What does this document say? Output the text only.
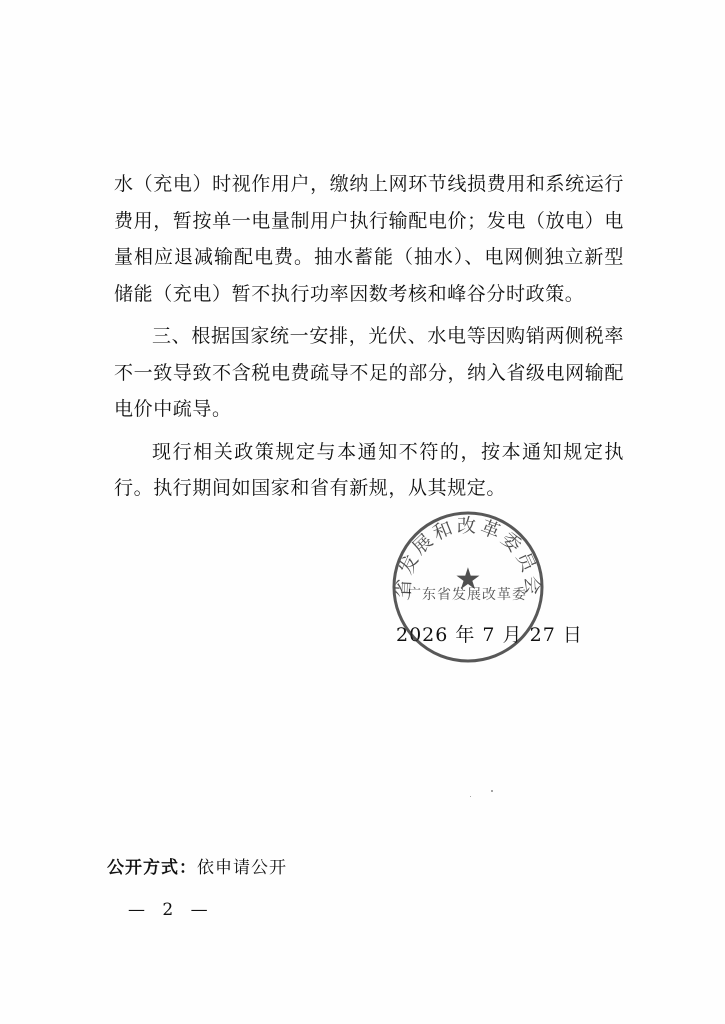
水（充电）时视作用户，缴纳上网环节线损费用和系统运行费用，暂按单一电量制用户执行输配电价；发电（放电）电量相应退减输配电费。抽水蓄能（抽水）、电网侧独立新型储能（充电）暂不执行功率因数考核和峰谷分时政策。

三、根据国家统一安排，光伏、水电等因购销两侧税率不一致导致不含税电费疏导不足的部分，纳入省级电网输配电价中疏导。

现行相关政策规定与本通知不符的，按本通知规定执行。执行期间如国家和省有新规，从其规定。

2026 年 7 月 27 日
省发展和改革委员会
★
广东省发展改革委
公开方式：依申请公开
— 2 —
